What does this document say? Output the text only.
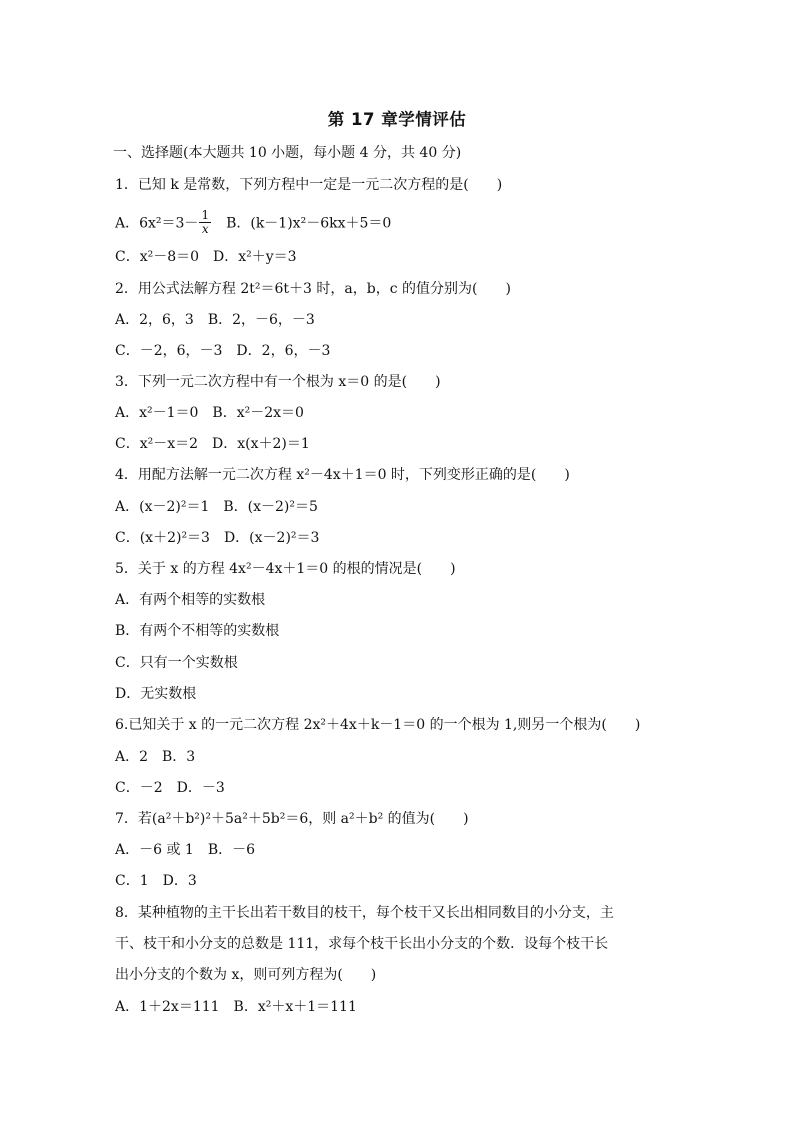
第 17 章学情评估
一、选择题(本大题共 10 小题，每小题 4 分，共 40 分)
1．已知 k 是常数，下列方程中一定是一元二次方程的是(　　)
A．$6x^2=3- \frac{1}{x}$ 　B．(k－1)x²－6kx＋5＝0
C．x²－8＝0　D．x²＋y＝3
2．用公式法解方程 2t²＝6t＋3 时，a，b，c 的值分别为(　　)
A．2，6，3　B．2，－6，－3
C．－2，6，－3　D．2，6，－3
3．下列一元二次方程中有一个根为 x＝0 的是(　　)
A．x²－1＝0　B．x²－2x＝0
C．x²－x＝2　D．x(x＋2)＝1
4．用配方法解一元二次方程 x²－4x＋1＝0 时，下列变形正确的是(　　)
A．(x－2)²＝1　B．(x－2)²＝5
C．(x＋2)²＝3　D．(x－2)²＝3
5．关于 x 的方程 4x²－4x＋1＝0 的根的情况是(　　)
A．有两个相等的实数根
B．有两个不相等的实数根
C．只有一个实数根
D．无实数根
6.已知关于 x 的一元二次方程 2x²＋4x＋k－1＝0 的一个根为 1,则另一个根为(　　)
A．2　B．3
C．－2　D．－3
7．若(a²＋b²)²＋5a²＋5b²＝6，则 a²＋b² 的值为(　　)
A．－6 或 1　B．－6
C．1　D．3
8．某种植物的主干长出若干数目的枝干，每个枝干又长出相同数目的小分支，主
干、枝干和小分支的总数是 111，求每个枝干长出小分支的个数．设每个枝干长
出小分支的个数为 x，则可列方程为(　　)
A．1＋2x＝111　B．x²＋x＋1＝111
